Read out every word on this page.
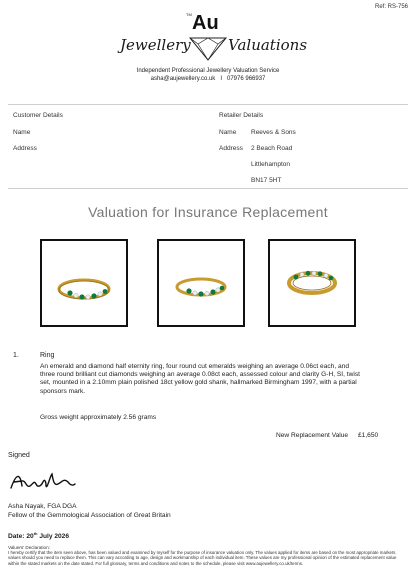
Ref: RS-756
Jewellery
TM Au
Valuations
Independent Professional Jewellery Valuation Service
asha@aujewellery.co.uk I 07976 966937
Customer Details
Name
Address
Retailer Details
Name Reeves & Sons
Address 2 Beach Road
Littlehampton
BN17 5HT
Valuation for Insurance Replacement
1.	Ring
An emerald and diamond half eternity ring, four round cut emeralds weighing an average 0.06ct each, and three round brilliant cut diamonds weighing an average 0.08ct each, assessed colour and clarity G-H, SI, twist set, mounted in a 2.10mm plain polished 18ct yellow gold shank, hallmarked Birmingham 1997, with a partial sponsors mark.
Gross weight approximately 2.56 grams
New Replacement Value £1,650
Signed
Asha Nayak, FGA DGA
Fellow of the Gemmological Association of Great Britain
Date: 20th July 2026
Valuers' Declaration:
I hereby certify that the item seen above, has been valued and examined by myself for the purpose of insurance valuation only. The values applied for items are based on the most appropriate markets values should you need to replace them. This can vary according to age, design and workmanship of each individual item. These values are my professional opinion of the estimated replacement value within the stated markets on the date stated. For full glossary, terms and conditions and notes to the schedule, please visit www.aujewellery.co.uk/terms.
